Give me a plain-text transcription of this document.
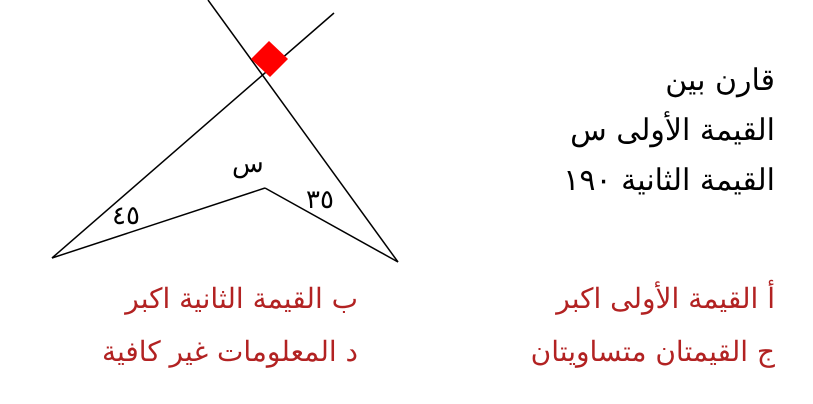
س
٤٥
٣٥
قارن بين
القيمة الأولى س
القيمة الثانية ١٩٠
أ القيمة الأولى اكبر
ج القيمتان متساويتان
ب القيمة الثانية اكبر
د المعلومات غير كافية
